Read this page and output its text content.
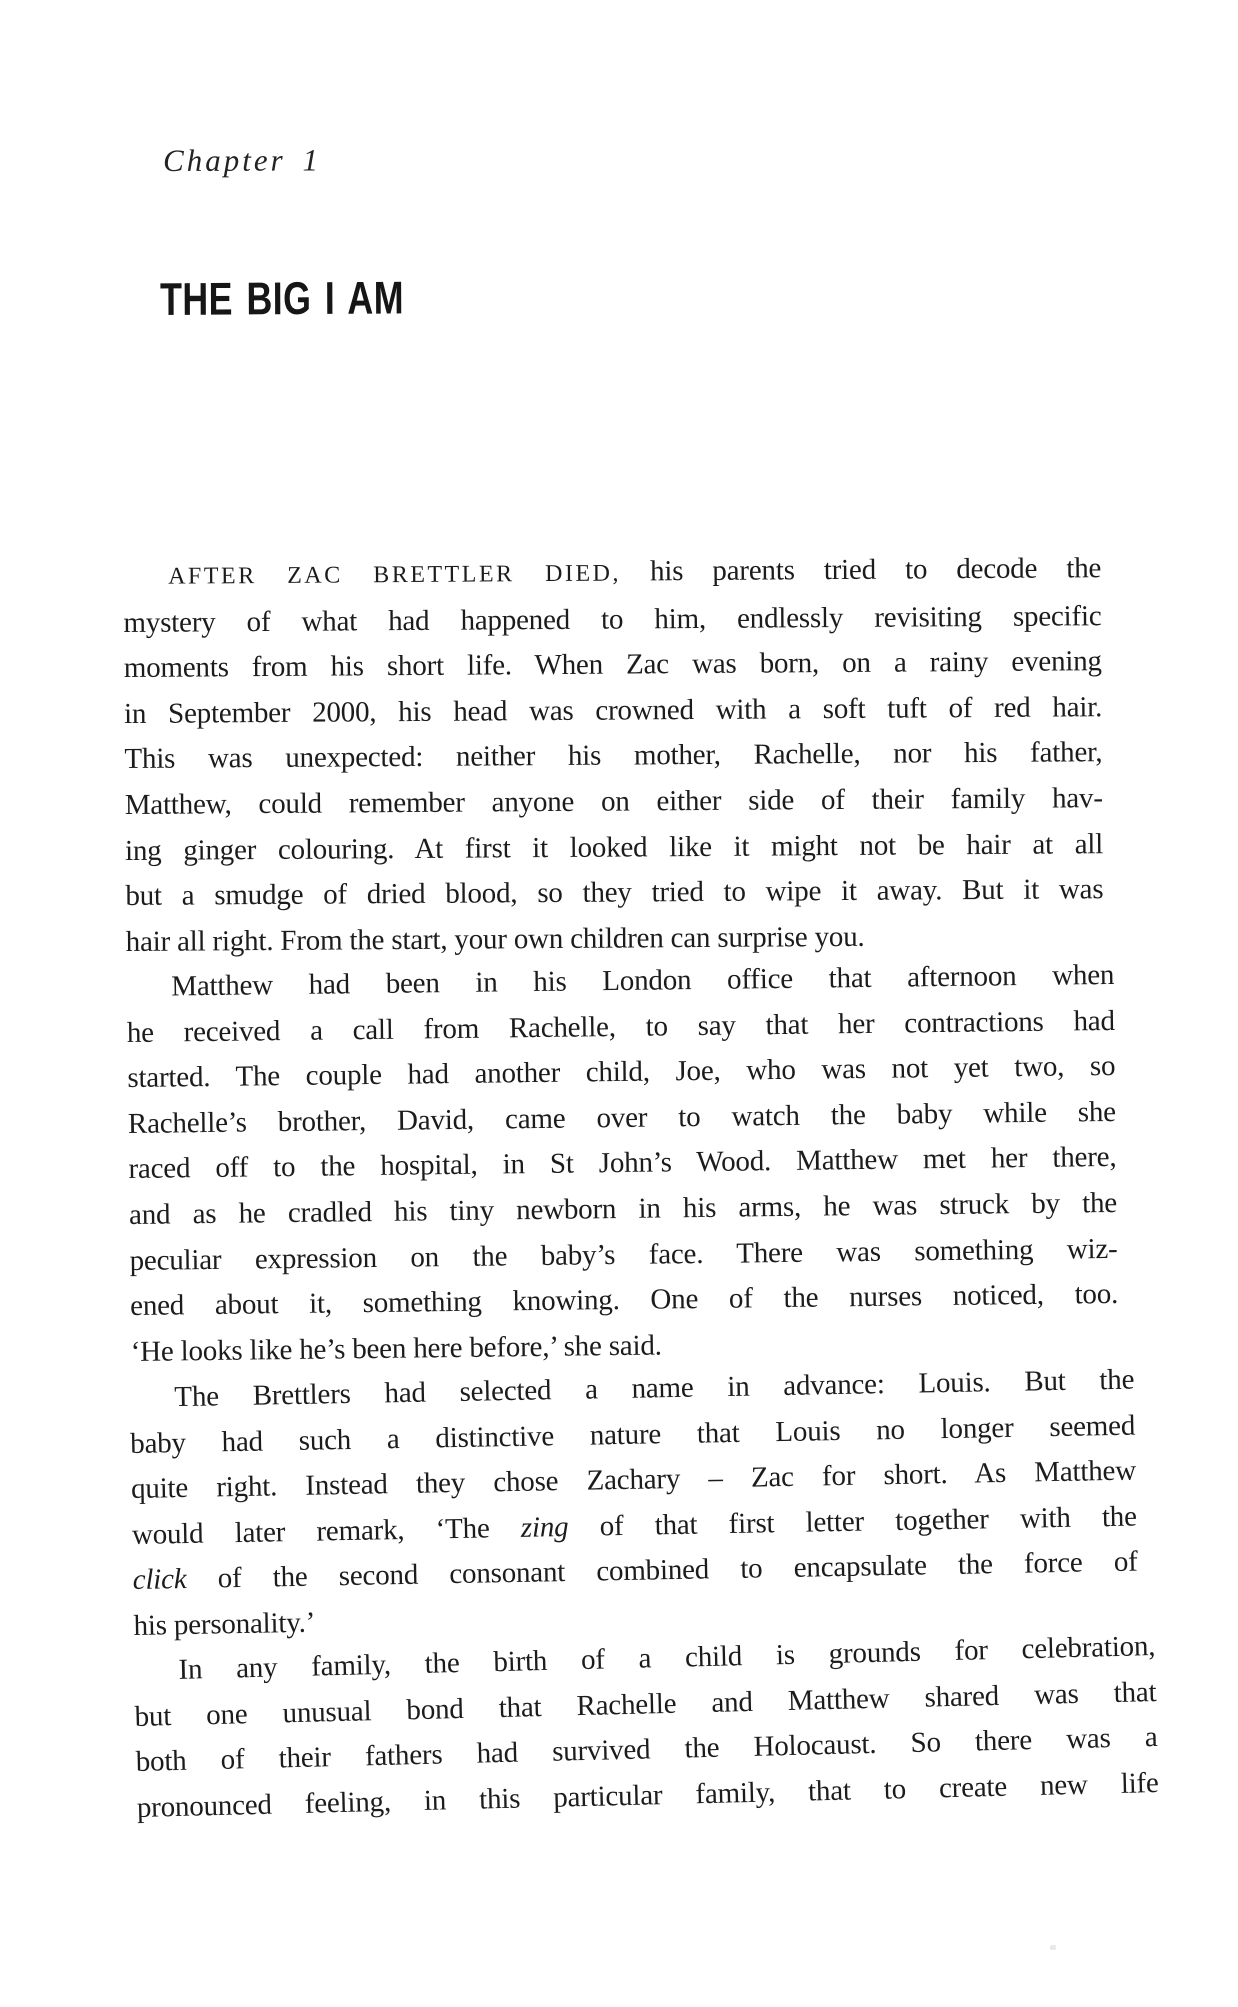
Chapter 1
THE BIG I AM
AFTER ZAC BRETTLER DIED, his parents tried to decode the
mystery of what had happened to him, endlessly revisiting specific
moments from his short life. When Zac was born, on a rainy evening
in September 2000, his head was crowned with a soft tuft of red hair.
This was unexpected: neither his mother, Rachelle, nor his father,
Matthew, could remember anyone on either side of their family hav-
ing ginger colouring. At first it looked like it might not be hair at all
but a smudge of dried blood, so they tried to wipe it away. But it was
hair all right. From the start, your own children can surprise you.
Matthew had been in his London office that afternoon when
he received a call from Rachelle, to say that her contractions had
started. The couple had another child, Joe, who was not yet two, so
Rachelle’s brother, David, came over to watch the baby while she
raced off to the hospital, in St John’s Wood. Matthew met her there,
and as he cradled his tiny newborn in his arms, he was struck by the
peculiar expression on the baby’s face. There was something wiz-
ened about it, something knowing. One of the nurses noticed, too.
‘He looks like he’s been here before,’ she said.
The Brettlers had selected a name in advance: Louis. But the
baby had such a distinctive nature that Louis no longer seemed
quite right. Instead they chose Zachary – Zac for short. As Matthew
would later remark, ‘The zing of that first letter together with the
click of the second consonant combined to encapsulate the force of
his personality.’
In any family, the birth of a child is grounds for celebration,
but one unusual bond that Rachelle and Matthew shared was that
both of their fathers had survived the Holocaust. So there was a
pronounced feeling, in this particular family, that to create new life
